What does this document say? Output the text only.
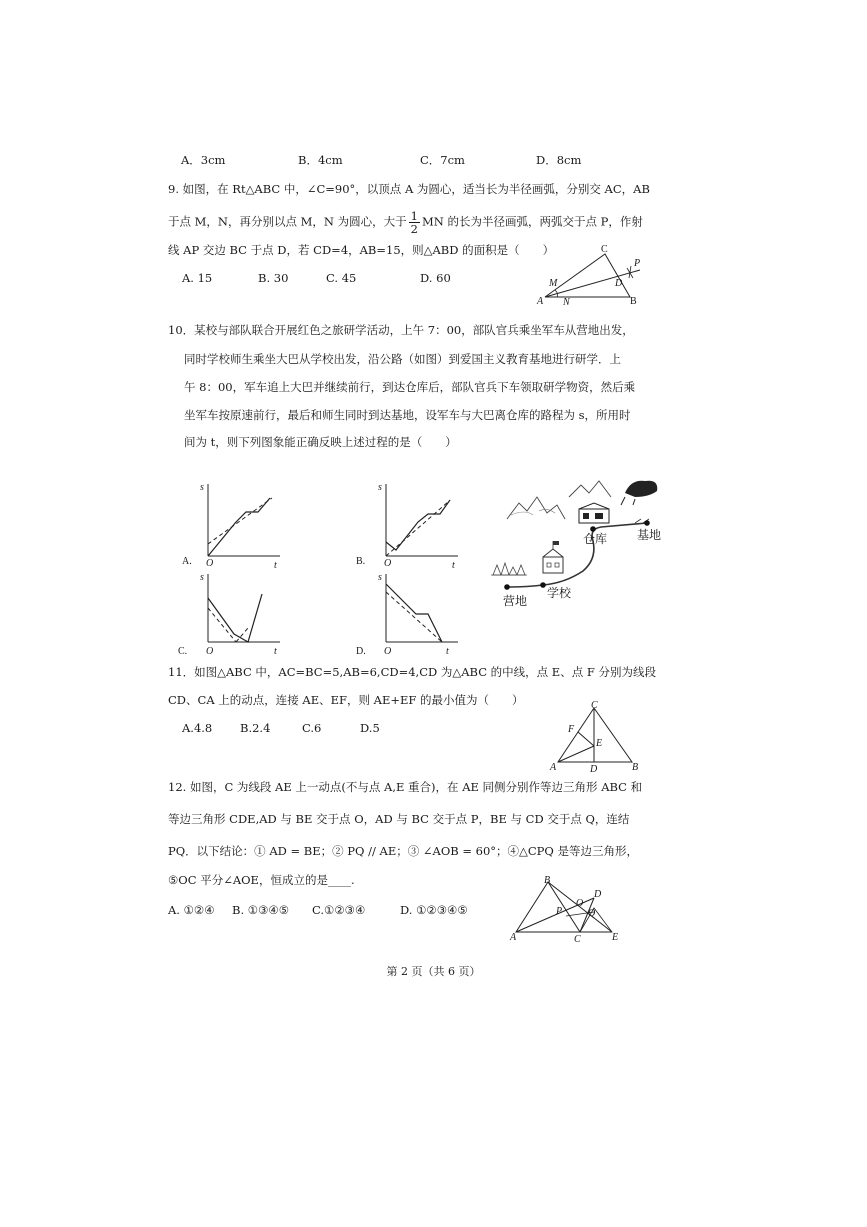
A．3cm	B．4cm	C．7cm	D．8cm
9. 如图，在 Rt△ABC 中，∠C=90°，以顶点 A 为圆心，适当长为半径画弧，分别交 AC，AB
于点 M，N，再分别以点 M，N 为圆心，大于 $\frac{1}{2}$ MN 的长为半径画弧，两弧交于点 P，作射
线 AP 交边 BC 于点 D，若 CD=4，AB=15，则△ABD 的面积是（　　）
A. 15	B. 30	C. 45	D. 60
C
A	B
M
N
D
P
10．某校与部队联合开展红色之旅研学活动，上午 7：00，部队官兵乘坐军车从营地出发，
同时学校师生乘坐大巴从学校出发，沿公路（如图）到爱国主义教育基地进行研学．上
午 8：00，军车追上大巴并继续前行，到达仓库后，部队官兵下车领取研学物资，然后乘
坐军车按原速前行，最后和师生同时到达基地，设军车与大巴离仓库的路程为 s，所用时
间为 t，则下列图象能正确反映上述过程的是（　　）
s
O	t
A.
s
O	t
B.
s
O	t
C.
s
O	t
D.
仓库 基地
学校
营地
11．如图△ABC 中，AC=BC=5,AB=6,CD=4,CD 为△ABC 的中线，点 E、点 F 分别为线段
CD、CA 上的动点，连接 AE、EF，则 AE+EF 的最小值为（　　）
A.4.8 B.2.4	C.6	D.5
C
F
E
A	D	B
12. 如图，C 为线段 AE 上一动点(不与点 A,E 重合)，在 AE 同侧分别作等边三角形 ABC 和
等边三角形 CDE,AD 与 BE 交于点 O，AD 与 BC 交于点 P，BE 与 CD 交于点 Q，连结
PQ．以下结论：① AD = BE；② PQ // AE；③ ∠AOB = 60°；④△CPQ 是等边三角形，
⑤OC 平分∠AOE，恒成立的是____.
A. ①②④ B. ①③④⑤ C.①②③④	D. ①②③④⑤
B
D
O
P	Q
A	C	E
第 2 页（共 6 页）
